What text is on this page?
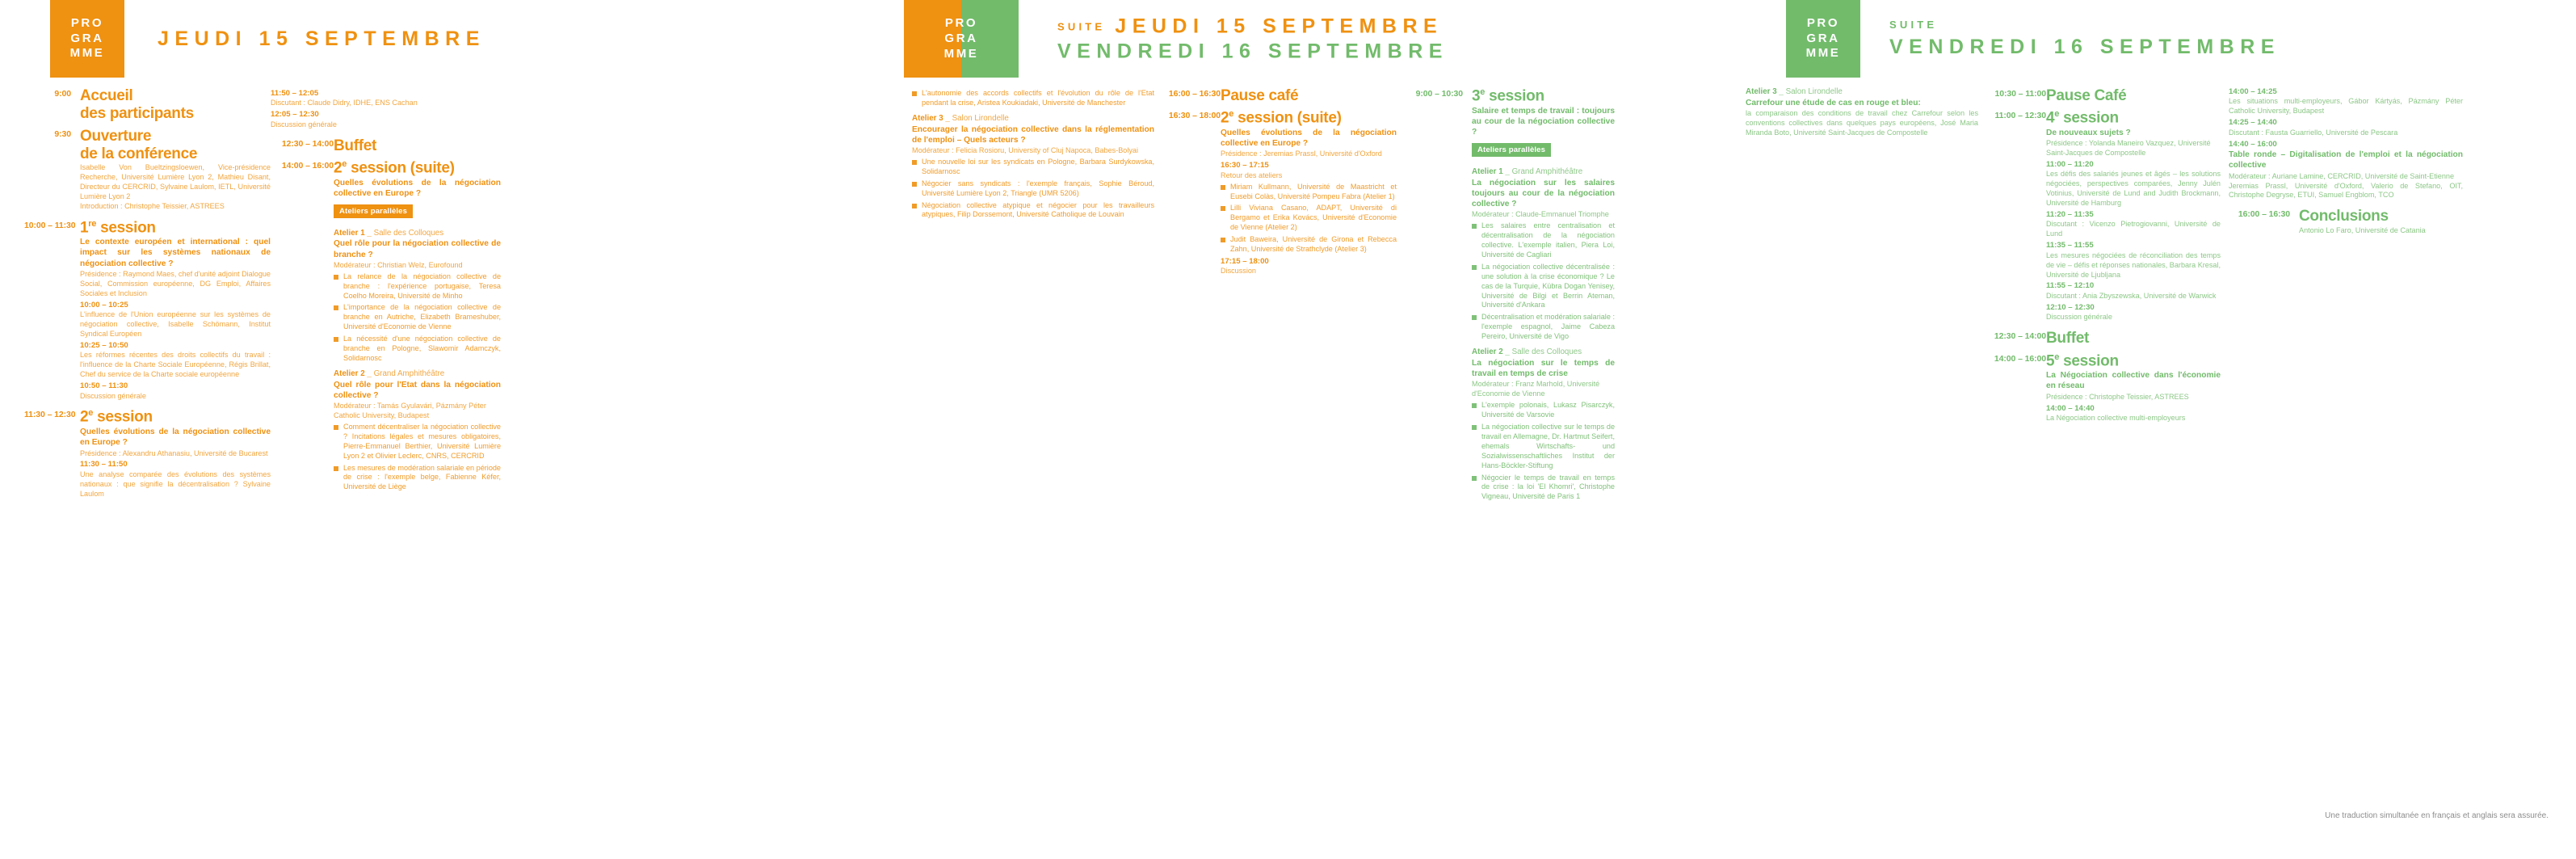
PRO
GRA
MME
JEUDI 15 SEPTEMBRE
9:00 Accueil
des participants
9:30 Ouverture
de la conférence
Isabelle Von Bueltzingsloewen, Vice-présidence Recherche, Université Lumière Lyon 2, Mathieu Disant, Directeur du CERCRID, Sylvaine Laulom, IETL, Université Lumière Lyon 2
Introduction : Christophe Teissier, ASTREES
10:00 – 11:30 1re session
Le contexte européen et international : quel impact sur les systèmes nationaux de négociation collective ?
Présidence : Raymond Maes, chef d'unité adjoint Dialogue Social, Commission européenne, DG Emploi, Affaires Sociales et Inclusion
10:00 – 10:25
L'influence de l'Union européenne sur les systèmes de négociation collective, Isabelle Schömann, Institut Syndical Européen
10:25 – 10:50
Les réformes récentes des droits collectifs du travail : l'influence de la Charte Sociale Européenne, Régis Brillat, Chef du service de la Charte sociale européenne
10:50 – 11:30
Discussion générale
11:30 – 12:30 2e session
Quelles évolutions de la négociation collective en Europe ?
Présidence : Alexandru Athanasiu, Université de Bucarest
11:30 – 11:50
Une analyse comparée des évolutions des systèmes nationaux : que signifie la décentralisation ? Sylvaine Laulom
11:50 – 12:05
Discutant : Claude Didry, IDHE, ENS Cachan
12:05 – 12:30
Discussion générale
12:30 – 14:00 Buffet
14:00 – 16:00 2e session (suite)
Quelles évolutions de la négociation collective en Europe ?
Ateliers parallèles
Atelier 1 _ Salle des Colloques
Quel rôle pour la négociation collective de branche ?
Modérateur : Christian Welz, Eurofound
La relance de la négociation collective de branche : l'expérience portugaise, Teresa Coelho Moreira, Université de Minho
L'importance de la négociation collective de branche en Autriche, Elizabeth Brameshuber, Université d'Economie de Vienne
La nécessité d'une négociation collective de branche en Pologne, Slawomir Adamczyk, Solidarnosc
Atelier 2 _ Grand Amphithéâtre
Quel rôle pour l'Etat dans la négociation collective ?
Modérateur : Tamás Gyulavári, Pázmány Péter Catholic University, Budapest
Comment décentraliser la négociation collective ? Incitations légales et mesures obligatoires, Pierre-Emmanuel Berthier, Université Lumière Lyon 2 et Olivier Leclerc, CNRS, CERCRID
Les mesures de modération salariale en période de crise : l'exemple belge, Fabienne Kéfer, Université de Liège
PRO
GRA
MME
SUITE JEUDI 15 SEPTEMBRE
VENDREDI 16 SEPTEMBRE
L'autonomie des accords collectifs et l'évolution du rôle de l'Etat pendant la crise, Aristea Koukiadaki, Université de Manchester
Atelier 3 _ Salon Lirondelle
Encourager la négociation collective dans la réglementation de l'emploi – Quels acteurs ?
Modérateur : Felicia Rosioru, University of Cluj Napoca, Babes-Bolyai
Une nouvelle loi sur les syndicats en Pologne, Barbara Surdykowska, Solidarnosc
Négocier sans syndicats : l'exemple français, Sophie Béroud, Université Lumière Lyon 2, Triangle (UMR 5206)
Négociation collective atypique et négocier pour les travailleurs atypiques, Filip Dorssemont, Université Catholique de Louvain
16:00 – 16:30 Pause café
16:30 – 18:00 2e session (suite)
Quelles évolutions de la négociation collective en Europe ?
Présidence : Jeremias Prassl, Université d'Oxford
16:30 – 17:15
Retour des ateliers
Miriam Kullmann, Université de Maastricht et Eusebi Colàs, Université Pompeu Fabra (Atelier 1)
Lilli Viviana Casano, ADAPT, Université di Bergamo et Erika Kovács, Université d'Economie de Vienne (Atelier 2)
Judit Baweira, Université de Girona et Rebecca Zahn, Université de Strathclyde (Atelier 3)
17:15 – 18:00
Discussion
9:00 – 10:30 3e session
Salaire et temps de travail : toujours au cour de la négociation collective ?
Ateliers parallèles
Atelier 1 _ Grand Amphithéâtre
La négociation sur les salaires toujours au cour de la négociation collective ?
Modérateur : Claude-Emmanuel Triomphe
Les salaires entre centralisation et décentralisation de la négociation collective. L'exemple italien, Piera Loi, Université de Cagliari
La négociation collective décentralisée : une solution à la crise économique ? Le cas de la Turquie, Kübra Dogan Yenisey, Université de Bilgi et Berrin Ateman, Université d'Ankara
Décentralisation et modération salariale : l'exemple espagnol, Jaime Cabeza Pereiro, Université de Vigo
Atelier 2 _ Salle des Colloques
La négociation sur le temps de travail en temps de crise
Modérateur : Franz Marhold, Université d'Economie de Vienne
L'exemple polonais, Lukasz Pisarczyk, Université de Varsovie
La négociation collective sur le temps de travail en Allemagne, Dr. Hartmut Seifert, ehemals Wirtschafts- und Sozialwissenschaftliches Institut der Hans-Böckler-Stiftung
Négocier le temps de travail en temps de crise : la loi 'El Khomri', Christophe Vigneau, Université de Paris 1
PRO
GRA
MME
SUITE
VENDREDI 16 SEPTEMBRE
Atelier 3 _ Salon Lirondelle
Carrefour une étude de cas en rouge et bleu:
la comparaison des conditions de travail chez Carrefour selon les conventions collectives dans quelques pays européens, José Maria Miranda Boto, Université Saint-Jacques de Compostelle
10:30 – 11:00 Pause Café
11:00 – 12:30 4e session
De nouveaux sujets ?
Présidence : Yolanda Maneiro Vazquez, Université Saint-Jacques de Compostelle
11:00 – 11:20
Les défis des salariés jeunes et âgés – les solutions négociées, perspectives comparées, Jenny Julén Votinius, Université de Lund and Judith Brockmann, Université de Hamburg
11:20 – 11:35
Discutant : Vicenzo Pietrogiovanni, Université de Lund
11:35 – 11:55
Les mesures négociées de réconciliation des temps de vie – défis et réponses nationales, Barbara Kresal, Université de Ljubljana
11:55 – 12:10
Discutant : Ania Zbyszewska, Université de Warwick
12:10 – 12:30
Discussion générale
12:30 – 14:00 Buffet
14:00 – 16:00 5e session
La Négociation collective dans l'économie en réseau
Présidence : Christophe Teissier, ASTREES
14:00 – 14:40
La Négociation collective multi-employeurs
14:00 – 14:25
Les situations multi-employeurs, Gábor Kártyás, Pázmány Péter Catholic University, Budapest
14:25 – 14:40
Discutant : Fausta Guarriello, Université de Pescara
14:40 – 16:00
Table ronde – Digitalisation de l'emploi et la négociation collective
Modérateur : Auriane Lamine, CERCRID, Université de Saint-Etienne
Jeremias Prassl, Université d'Oxford, Valerio de Stefano, OIT, Christophe Degryse, ETUI, Samuel Engblom, TCO
16:00 – 16:30 Conclusions
Antonio Lo Faro, Université de Catania
Une traduction simultanée en français et anglais sera assurée.
